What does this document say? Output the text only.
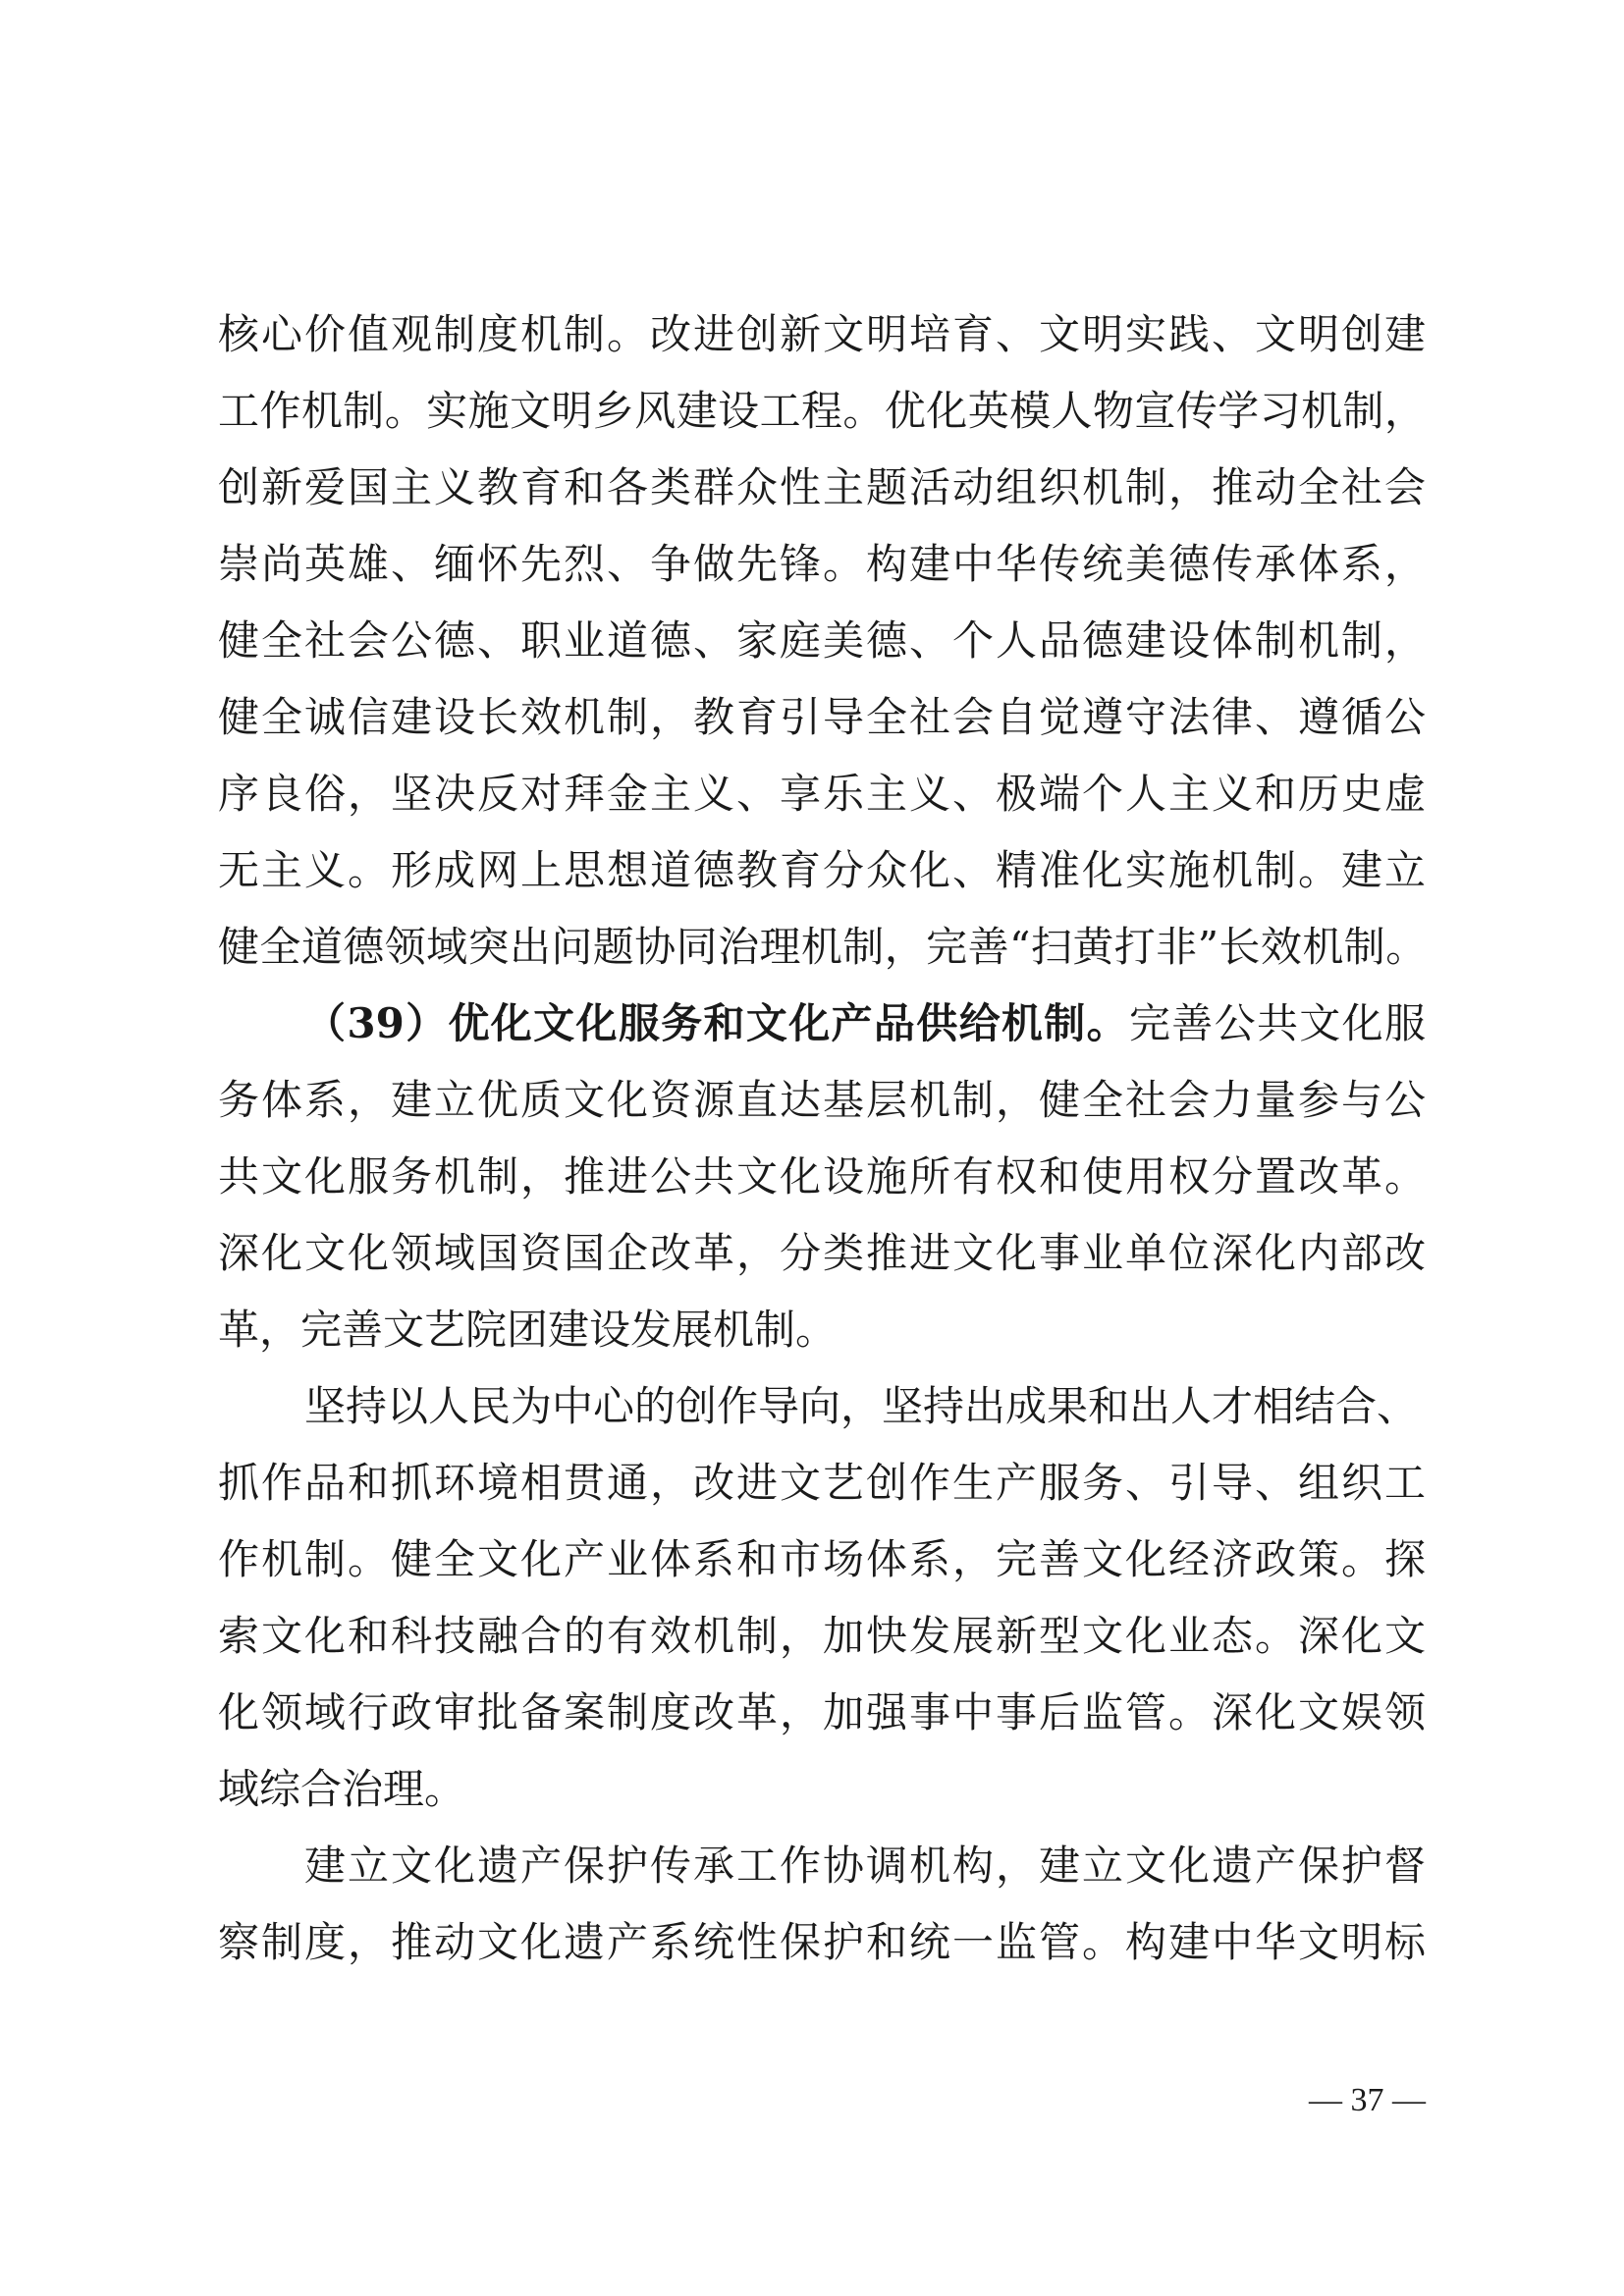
核心价值观制度机制。改进创新文明培育、文明实践、文明创建
工作机制。实施文明乡风建设工程。优化英模人物宣传学习机制，
创新爱国主义教育和各类群众性主题活动组织机制，推动全社会
崇尚英雄、缅怀先烈、争做先锋。构建中华传统美德传承体系，
健全社会公德、职业道德、家庭美德、个人品德建设体制机制，
健全诚信建设长效机制，教育引导全社会自觉遵守法律、遵循公
序良俗，坚决反对拜金主义、享乐主义、极端个人主义和历史虚
无主义。形成网上思想道德教育分众化、精准化实施机制。建立
健全道德领域突出问题协同治理机制，完善“扫黄打非”长效机制。
（39）优化文化服务和文化产品供给机制。完善公共文化服
务体系，建立优质文化资源直达基层机制，健全社会力量参与公
共文化服务机制，推进公共文化设施所有权和使用权分置改革。
深化文化领域国资国企改革，分类推进文化事业单位深化内部改
革，完善文艺院团建设发展机制。
坚持以人民为中心的创作导向，坚持出成果和出人才相结合、
抓作品和抓环境相贯通，改进文艺创作生产服务、引导、组织工
作机制。健全文化产业体系和市场体系，完善文化经济政策。探
索文化和科技融合的有效机制，加快发展新型文化业态。深化文
化领域行政审批备案制度改革，加强事中事后监管。深化文娱领
域综合治理。
建立文化遗产保护传承工作协调机构，建立文化遗产保护督
察制度，推动文化遗产系统性保护和统一监管。构建中华文明标
— 37 —
